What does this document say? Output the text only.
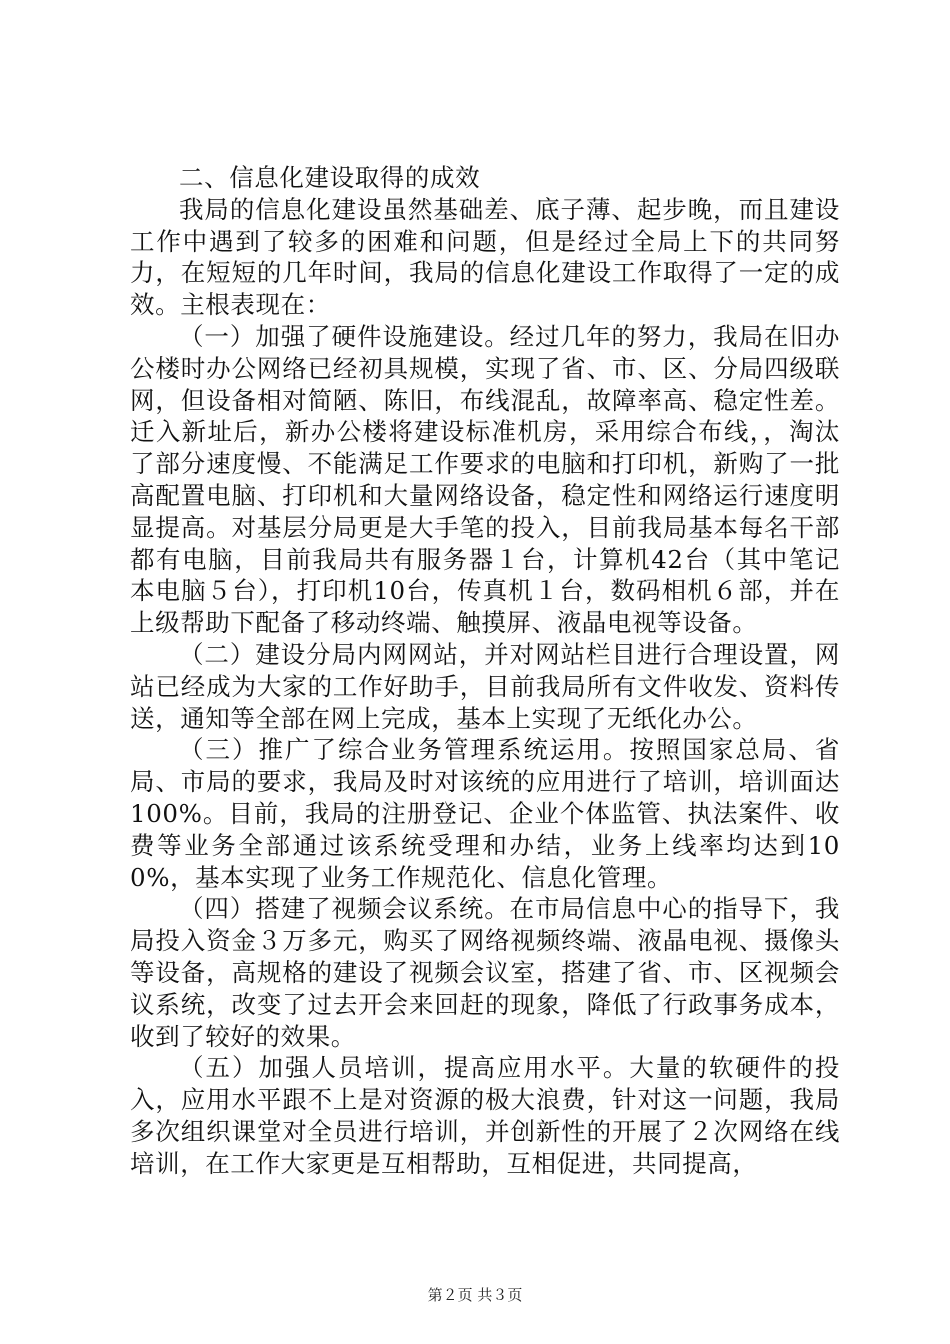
二、信息化建设取得的成效

我局的信息化建设虽然基础差、底子薄、起步晚，而且建设工作中遇到了较多的困难和问题，但是经过全局上下的共同努力，在短短的几年时间，我局的信息化建设工作取得了一定的成效。主根表现在：

（一）加强了硬件设施建设。经过几年的努力，我局在旧办公楼时办公网络已经初具规模，实现了省、市、区、分局四级联网，但设备相对简陋、陈旧，布线混乱，故障率高、稳定性差。迁入新址后，新办公楼将建设标准机房，采用综合布线，，淘汰了部分速度慢、不能满足工作要求的电脑和打印机，新购了一批高配置电脑、打印机和大量网络设备，稳定性和网络运行速度明显提高。对基层分局更是大手笔的投入，目前我局基本每名干部都有电脑，目前我局共有服务器１台，计算机42台（其中笔记本电脑５台），打印机10台，传真机１台，数码相机６部，并在上级帮助下配备了移动终端、触摸屏、液晶电视等设备。

（二）建设分局内网网站，并对网站栏目进行合理设置，网站已经成为大家的工作好助手，目前我局所有文件收发、资料传送，通知等全部在网上完成，基本上实现了无纸化办公。

（三）推广了综合业务管理系统运用。按照国家总局、省局、市局的要求，我局及时对该统的应用进行了培训，培训面达100%。目前，我局的注册登记、企业个体监管、执法案件、收费等业务全部通过该系统受理和办结，业务上线率均达到100%，基本实现了业务工作规范化、信息化管理。

（四）搭建了视频会议系统。在市局信息中心的指导下，我局投入资金３万多元，购买了网络视频终端、液晶电视、摄像头等设备，高规格的建设了视频会议室，搭建了省、市、区视频会议系统，改变了过去开会来回赶的现象，降低了行政事务成本，收到了较好的效果。

（五）加强人员培训，提高应用水平。大量的软硬件的投入，应用水平跟不上是对资源的极大浪费，针对这一问题，我局多次组织课堂对全员进行培训，并创新性的开展了２次网络在线培训，在工作大家更是互相帮助，互相促进，共同提高，

第２页 共３页
